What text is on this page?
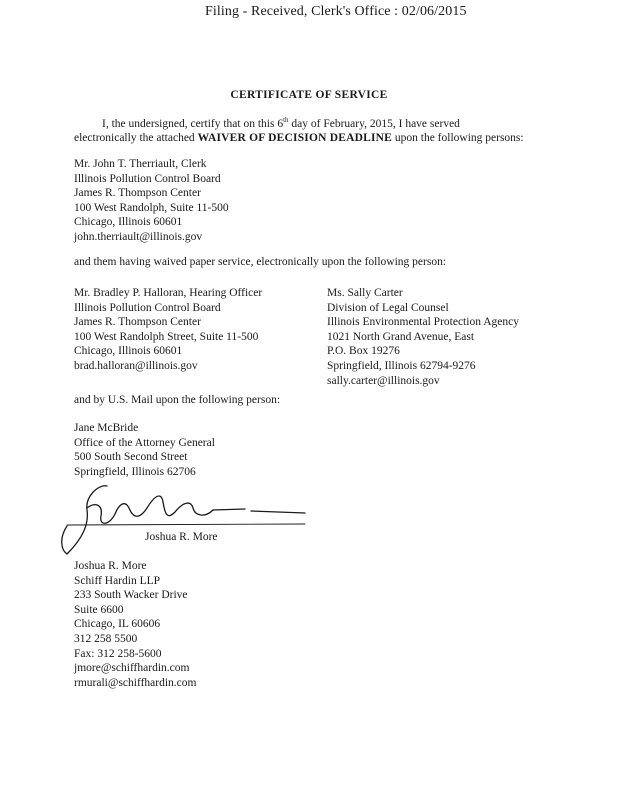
Filing - Received, Clerk's Office : 02/06/2015
CERTIFICATE OF SERVICE
I, the undersigned, certify that on this 6th day of February, 2015, I have served
electronically the attached WAIVER OF DECISION DEADLINE upon the following persons:
Mr. John T. Therriault, Clerk
Illinois Pollution Control Board
James R. Thompson Center
100 West Randolph, Suite 11-500
Chicago, Illinois 60601
john.therriault@illinois.gov
and them having waived paper service, electronically upon the following person:
Mr. Bradley P. Halloran, Hearing Officer
Illinois Pollution Control Board
James R. Thompson Center
100 West Randolph Street, Suite 11-500
Chicago, Illinois 60601
brad.halloran@illinois.gov
Ms. Sally Carter
Division of Legal Counsel
Illinois Environmental Protection Agency
1021 North Grand Avenue, East
P.O. Box 19276
Springfield, Illinois 62794-9276
sally.carter@illinois.gov
and by U.S. Mail upon the following person:
Jane McBride
Office of the Attorney General
500 South Second Street
Springfield, Illinois 62706
Joshua R. More
Joshua R. More
Schiff Hardin LLP
233 South Wacker Drive
Suite 6600
Chicago, IL 60606
312 258 5500
Fax: 312 258-5600
jmore@schiffhardin.com
rmurali@schiffhardin.com
